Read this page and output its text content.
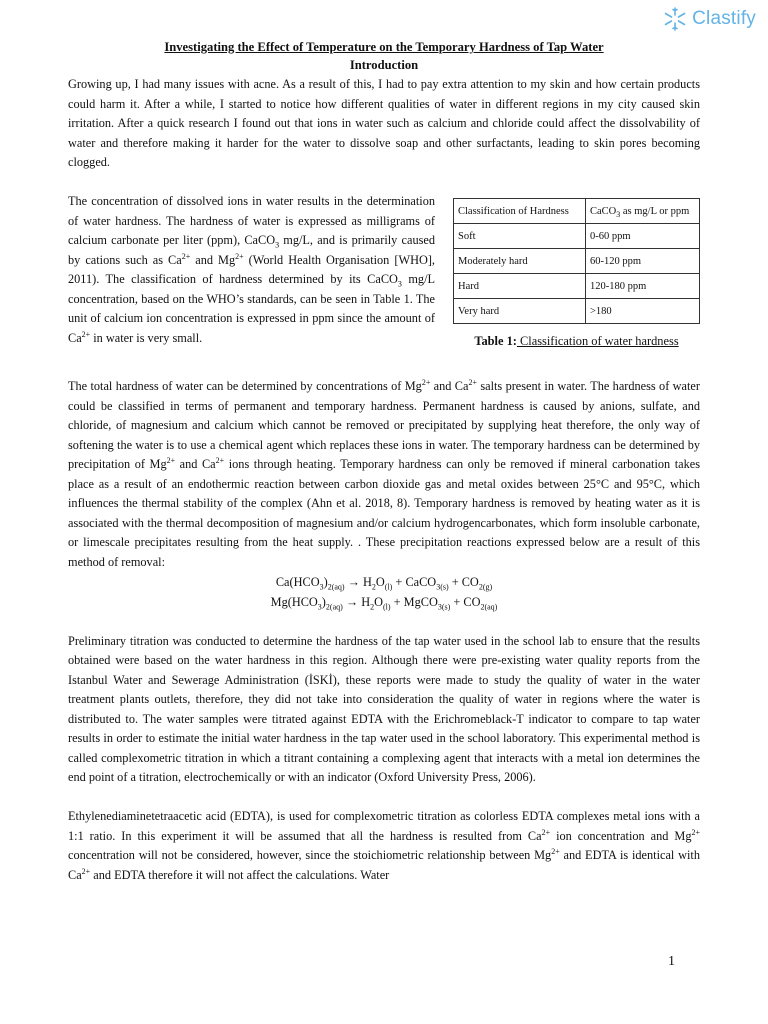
Clastify
Investigating the Effect of Temperature on the Temporary Hardness of Tap Water
Introduction

Growing up, I had many issues with acne. As a result of this, I had to pay extra attention to my skin and how certain products could harm it. After a while, I started to notice how different qualities of water in different regions in my city caused skin irritation. After a quick research I found out that ions in water such as calcium and chloride could affect the dissolvability of water and therefore making it harder for the water to dissolve soap and other surfactants, leading to skin pores becoming clogged.

Classification of Hardness	CaCO$_3$ as mg/L or ppm
Soft	0-60 ppm
Moderately hard	60-120 ppm
Hard	120-180 ppm
Very hard	>180
Table 1: Classification of water hardness

The concentration of dissolved ions in water results in the determination of water hardness. The hardness of water is expressed as milligrams of calcium carbonate per liter (ppm), CaCO$_3$ mg/L, and is primarily caused by cations such as $Ca^{2+}$ and $Mg^{2+}$ (World Health Organisation [WHO], 2011). The classification of hardness determined by its CaCO$_3$ mg/L concentration, based on the WHO’s standards, can be seen in Table 1. The unit of calcium ion concentration is expressed in ppm since the amount of $Ca^{2+}$ in water is very small.

The total hardness of water can be determined by concentrations of $Mg^{2+}$ and $Ca^{2+}$ salts present in water. The hardness of water could be classified in terms of permanent and temporary hardness. Permanent hardness is caused by anions, sulfate, and chloride, of magnesium and calcium which cannot be removed or precipitated by supplying heat therefore, the only way of softening the water is to use a chemical agent which replaces these ions in water. The temporary hardness can be determined by precipitation of $Mg^{2+}$ and $Ca^{2+}$ ions through heating. Temporary hardness can only be removed if mineral carbonation takes place as a result of an endothermic reaction between carbon dioxide gas and metal oxides between 25°C and 95°C, which influences the thermal stability of the complex (Ahn et al. 2018, 8). Temporary hardness is removed by heating water as it is associated with the thermal decomposition of magnesium and/or calcium hydrogencarbonates, which form insoluble carbonate, or limescale precipitates resulting from the heat supply. . These precipitation reactions expressed below are a result of this method of removal:

$Ca(HCO_3)_{2(aq)} \to H_2O_{(l)}$ + CaCO$_{3(s)}$ + $CO_{2(g)}$
$Mg(HCO_3)_{2(aq)} \to H_2O_{(l)}$ + MgCO$_{3(s)}$ + $CO_{2(aq)}$

Preliminary titration was conducted to determine the hardness of the tap water used in the school lab to ensure that the results obtained were based on the water hardness in this region. Although there were pre-existing water quality reports from the Istanbul Water and Sewerage Administration (İSKİ), these reports were made to study the quality of water in the water treatment plants outlets, therefore, they did not take into consideration the quality of water in regions where the water is distributed to. The water samples were titrated against EDTA with the Erichromeblack-T indicator to compare to tap water results in order to estimate the initial water hardness in the tap water used in the school laboratory. This experimental method is called complexometric titration in which a titrant containing a complexing agent that interacts with a metal ion determines the end point of a titration, electrochemically or with an indicator (Oxford University Press, 2006).

Ethylenediaminetetraacetic acid (EDTA), is used for complexometric titration as colorless EDTA complexes metal ions with a 1:1 ratio. In this experiment it will be assumed that all the hardness is resulted from $Ca^{2+}$ ion concentration and $Mg^{2+}$ concentration will not be considered, however, since the stoichiometric relationship between $Mg^{2+}$ and EDTA is identical with $Ca^{2+}$ and EDTA therefore it will not affect the calculations. Water

1
